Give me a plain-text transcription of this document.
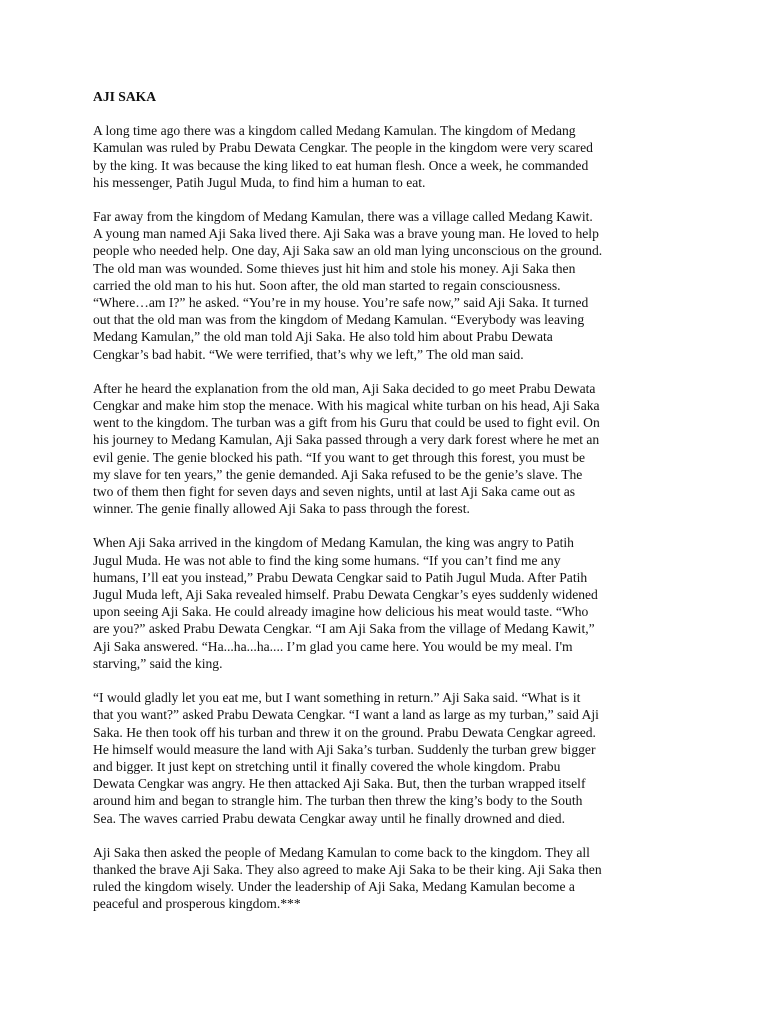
AJI SAKA
A long time ago there was a kingdom called Medang Kamulan. The kingdom of Medang
Kamulan was ruled by Prabu Dewata Cengkar. The people in the kingdom were very scared
by the king. It was because the king liked to eat human flesh. Once a week, he commanded
his messenger, Patih Jugul Muda, to find him a human to eat.
Far away from the kingdom of Medang Kamulan, there was a village called Medang Kawit.
A young man named Aji Saka lived there. Aji Saka was a brave young man. He loved to help
people who needed help. One day, Aji Saka saw an old man lying unconscious on the ground.
The old man was wounded. Some thieves just hit him and stole his money. Aji Saka then
carried the old man to his hut. Soon after, the old man started to regain consciousness.
“Where…am I?” he asked. “You’re in my house. You’re safe now,” said Aji Saka. It turned
out that the old man was from the kingdom of Medang Kamulan. “Everybody was leaving
Medang Kamulan,” the old man told Aji Saka. He also told him about Prabu Dewata
Cengkar’s bad habit. “We were terrified, that’s why we left,” The old man said.
After he heard the explanation from the old man, Aji Saka decided to go meet Prabu Dewata
Cengkar and make him stop the menace. With his magical white turban on his head, Aji Saka
went to the kingdom. The turban was a gift from his Guru that could be used to fight evil. On
his journey to Medang Kamulan, Aji Saka passed through a very dark forest where he met an
evil genie. The genie blocked his path. “If you want to get through this forest, you must be
my slave for ten years,” the genie demanded. Aji Saka refused to be the genie’s slave. The
two of them then fight for seven days and seven nights, until at last Aji Saka came out as
winner. The genie finally allowed Aji Saka to pass through the forest.
When Aji Saka arrived in the kingdom of Medang Kamulan, the king was angry to Patih
Jugul Muda. He was not able to find the king some humans. “If you can’t find me any
humans, I’ll eat you instead,” Prabu Dewata Cengkar said to Patih Jugul Muda. After Patih
Jugul Muda left, Aji Saka revealed himself. Prabu Dewata Cengkar’s eyes suddenly widened
upon seeing Aji Saka. He could already imagine how delicious his meat would taste. “Who
are you?” asked Prabu Dewata Cengkar. “I am Aji Saka from the village of Medang Kawit,”
Aji Saka answered. “Ha...ha...ha.... I’m glad you came here. You would be my meal. I'm
starving,” said the king.
“I would gladly let you eat me, but I want something in return.” Aji Saka said. “What is it
that you want?” asked Prabu Dewata Cengkar. “I want a land as large as my turban,” said Aji
Saka. He then took off his turban and threw it on the ground. Prabu Dewata Cengkar agreed.
He himself would measure the land with Aji Saka’s turban. Suddenly the turban grew bigger
and bigger. It just kept on stretching until it finally covered the whole kingdom. Prabu
Dewata Cengkar was angry. He then attacked Aji Saka. But, then the turban wrapped itself
around him and began to strangle him. The turban then threw the king’s body to the South
Sea. The waves carried Prabu dewata Cengkar away until he finally drowned and died.
Aji Saka then asked the people of Medang Kamulan to come back to the kingdom. They all
thanked the brave Aji Saka. They also agreed to make Aji Saka to be their king. Aji Saka then
ruled the kingdom wisely. Under the leadership of Aji Saka, Medang Kamulan become a
peaceful and prosperous kingdom.***
